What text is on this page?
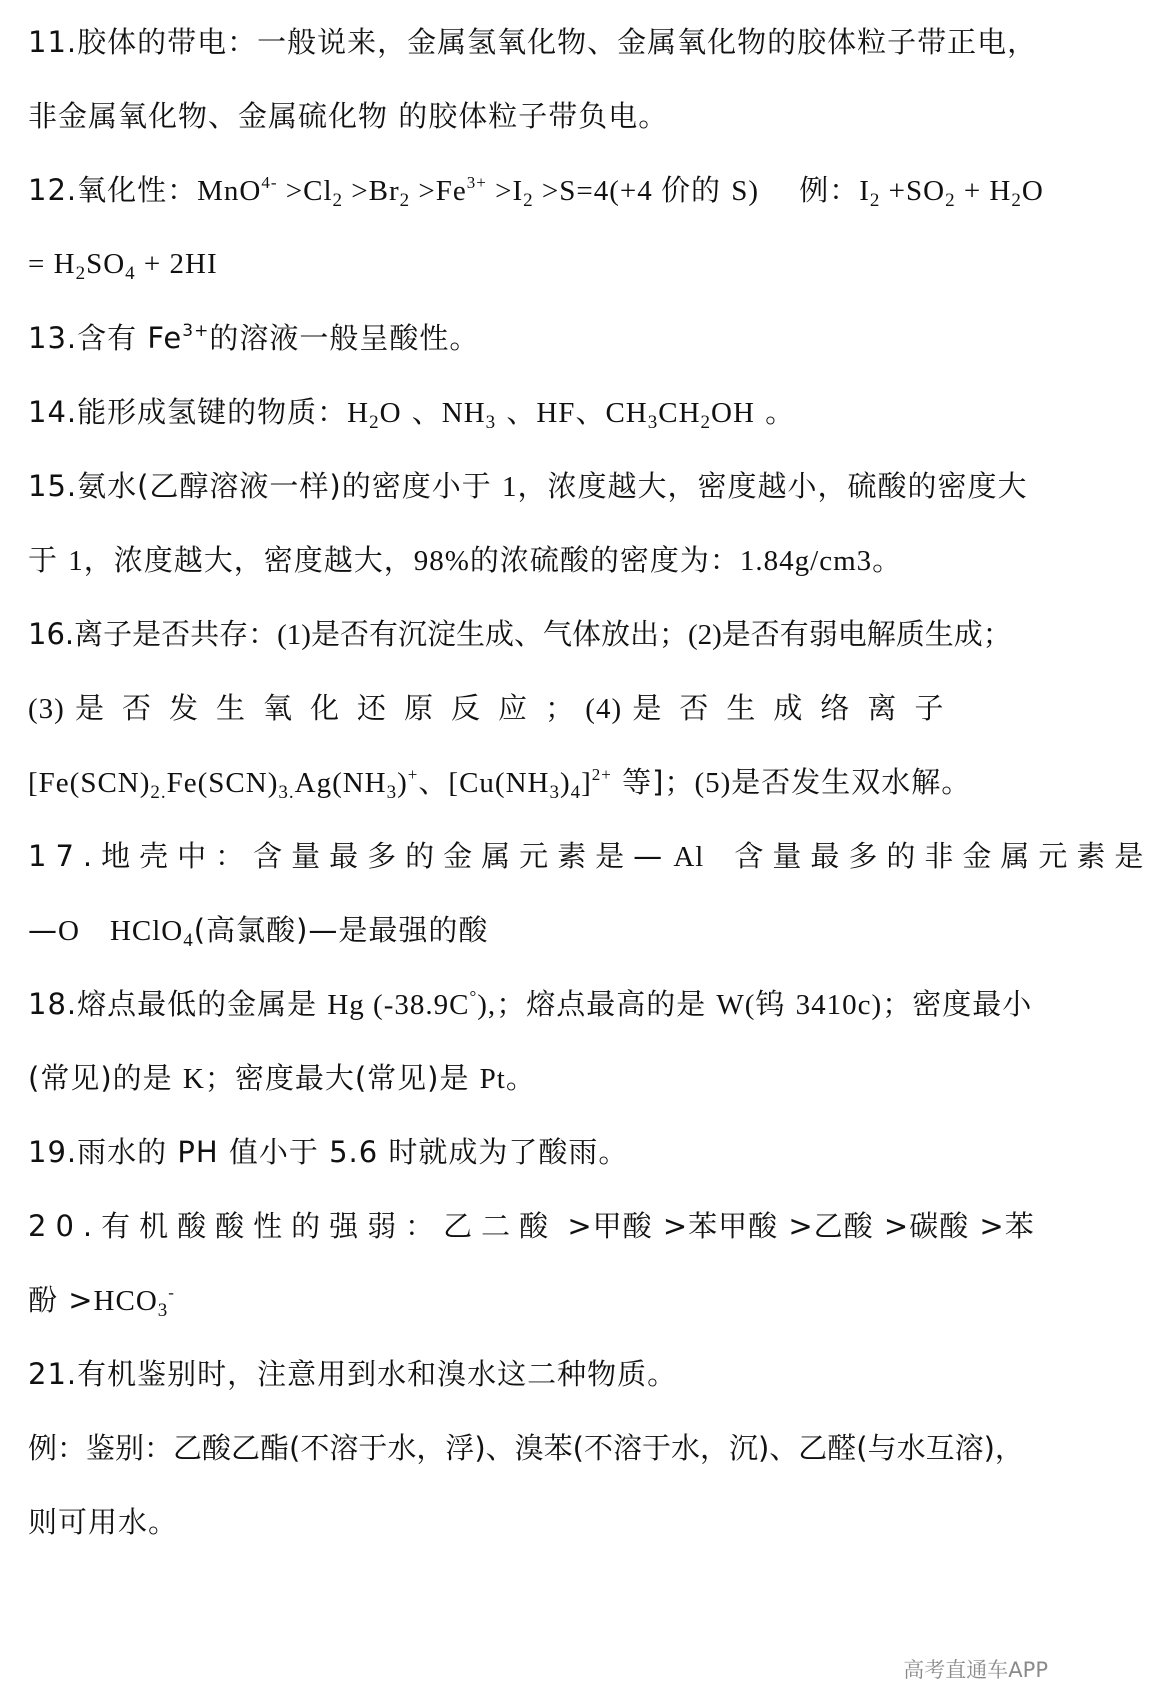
11.胶体的带电：一般说来，金属氢氧化物、金属氧化物的胶体粒子带正电，
非金属氧化物、金属硫化物 的胶体粒子带负电。
12.氧化性：$MnO^{4-} >Cl_2 >Br_2 >Fe^{3+} >I_2 >S=4(+4$ 价的 S)　 例：$I_2 +SO_2 + H_2O$
= $H_2SO_4 + 2HI$
13.含有 $Fe^{3+}$的溶液一般呈酸性。
14.能形成氢键的物质：$H_2O$ 、$NH_3$ 、HF、$CH_3CH_2OH$ 。
15.氨水(乙醇溶液一样)的密度小于 1，浓度越大，密度越小，硫酸的密度大
于 1，浓度越大，密度越大，98%的浓硫酸的密度为：1.84g/cm3。
16.离子是否共存：(1)是否有沉淀生成、气体放出；(2)是否有弱电解质生成；
(3) 是否发生氧化还原反应； (4) 是否生成络离子
[$Fe(SCN)_{2.}Fe(SCN)_{3.}Ag(NH_3)^+$、$[Cu(NH_3)_4]^{2+}$ 等]；(5)是否发生双水解。
17.地壳中：含量最多的金属元素是— Al　 含量最多的非金属元素是
—O　 HClO$_4$(高氯酸)—是最强的酸
18.熔点最低的金属是 Hg (-38.9C°),；熔点最高的是 W(钨 3410c)；密度最小
(常见)的是 K；密度最大(常见)是 Pt。
19.雨水的 PH 值小于 5.6 时就成为了酸雨。
20.有机酸酸性的强弱：乙二酸 >甲酸 >苯甲酸 >乙酸 >碳酸 >苯
酚 $>HCO_3^-$
21.有机鉴别时，注意用到水和溴水这二种物质。
例：鉴别：乙酸乙酯(不溶于水，浮)、溴苯(不溶于水，沉)、乙醛(与水互溶)，
则可用水。
高考直通车APP
